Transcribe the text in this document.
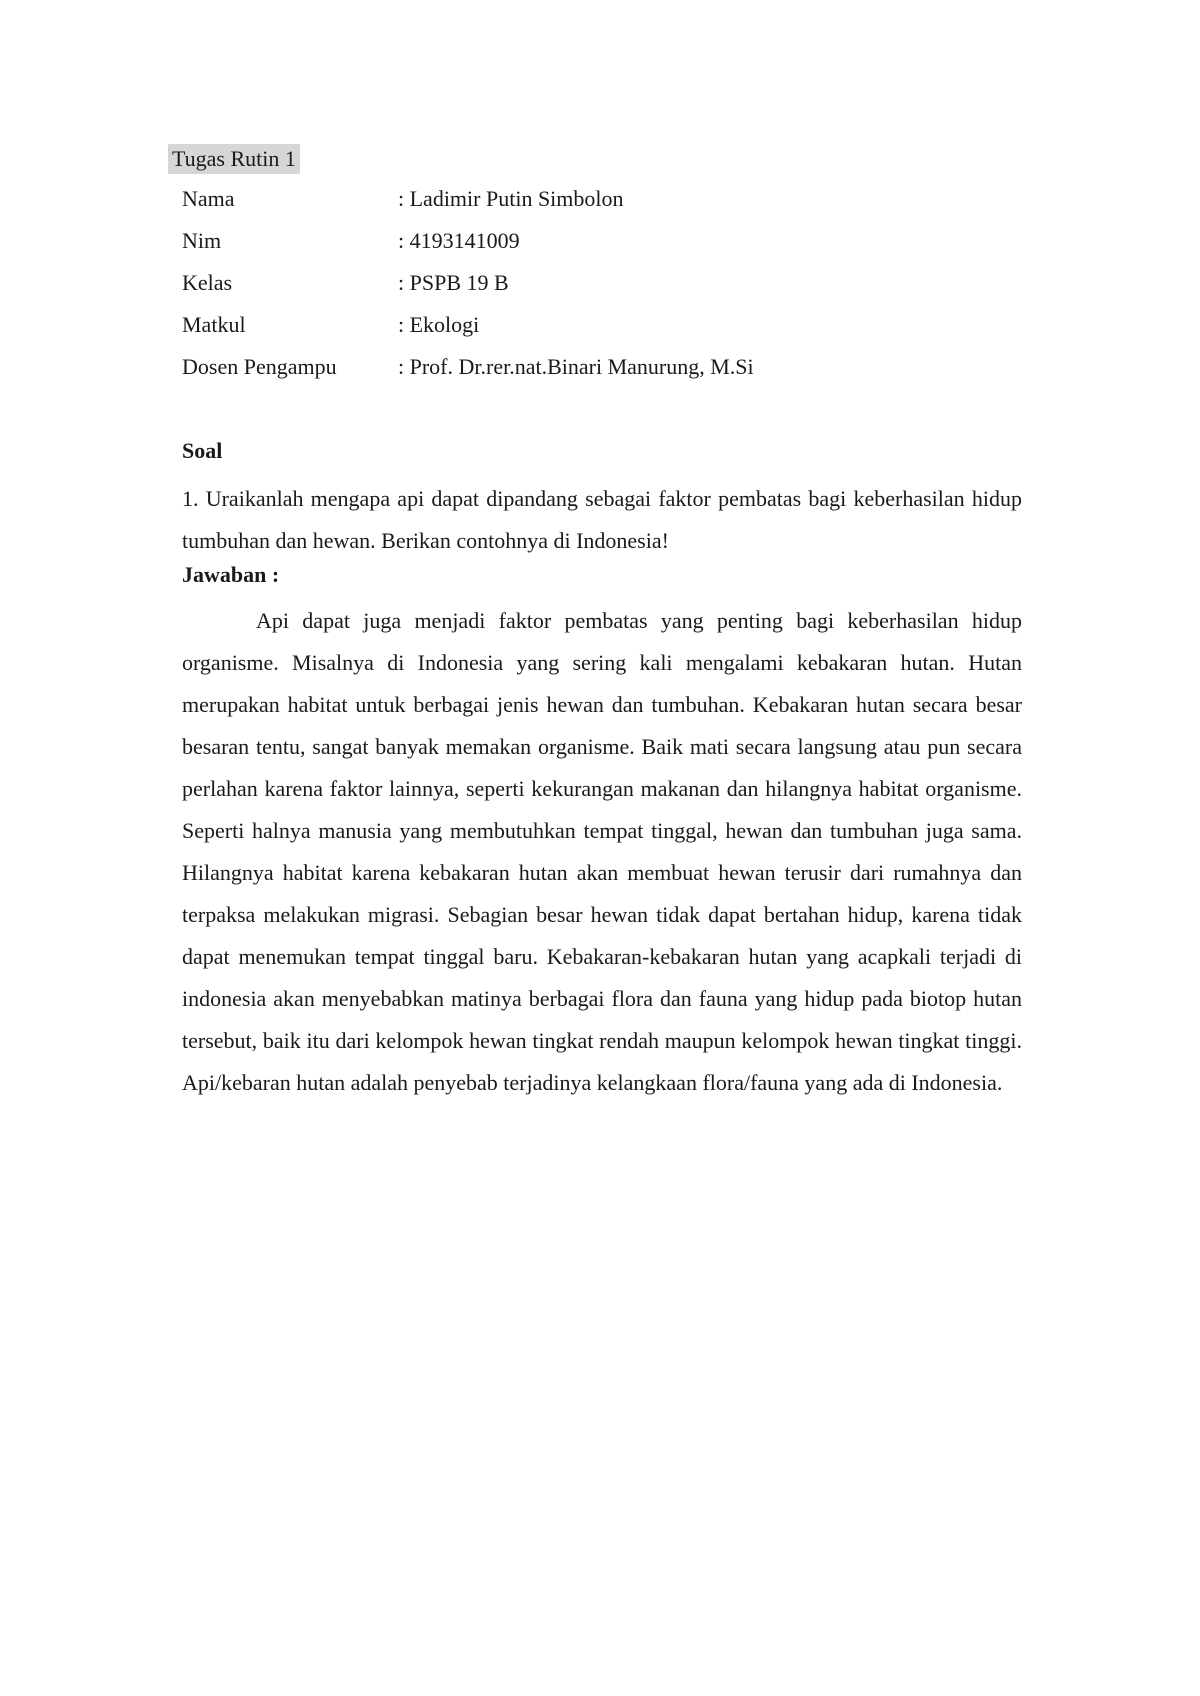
Tugas Rutin 1
Nama	: Ladimir Putin Simbolon
Nim	: 4193141009
Kelas	: PSPB 19 B
Matkul	: Ekologi
Dosen Pengampu	: Prof. Dr.rer.nat.Binari Manurung, M.Si
Soal
1. Uraikanlah mengapa api dapat dipandang sebagai faktor pembatas bagi keberhasilan hidup tumbuhan dan hewan. Berikan contohnya di Indonesia!
Jawaban :
Api dapat juga menjadi faktor pembatas yang penting bagi keberhasilan hidup organisme. Misalnya di Indonesia yang sering kali mengalami kebakaran hutan. Hutan merupakan habitat untuk berbagai jenis hewan dan tumbuhan. Kebakaran hutan secara besar besaran tentu, sangat banyak memakan organisme. Baik mati secara langsung atau pun secara perlahan karena faktor lainnya, seperti kekurangan makanan dan hilangnya habitat organisme. Seperti halnya manusia yang membutuhkan tempat tinggal, hewan dan tumbuhan juga sama. Hilangnya habitat karena kebakaran hutan akan membuat hewan terusir dari rumahnya dan terpaksa melakukan migrasi. Sebagian besar hewan tidak dapat bertahan hidup, karena tidak dapat menemukan tempat tinggal baru. Kebakaran-kebakaran hutan yang acapkali terjadi di indonesia akan menyebabkan matinya berbagai flora dan fauna yang hidup pada biotop hutan tersebut, baik itu dari kelompok hewan tingkat rendah maupun kelompok hewan tingkat tinggi. Api/kebaran hutan adalah penyebab terjadinya kelangkaan flora/fauna yang ada di Indonesia.
